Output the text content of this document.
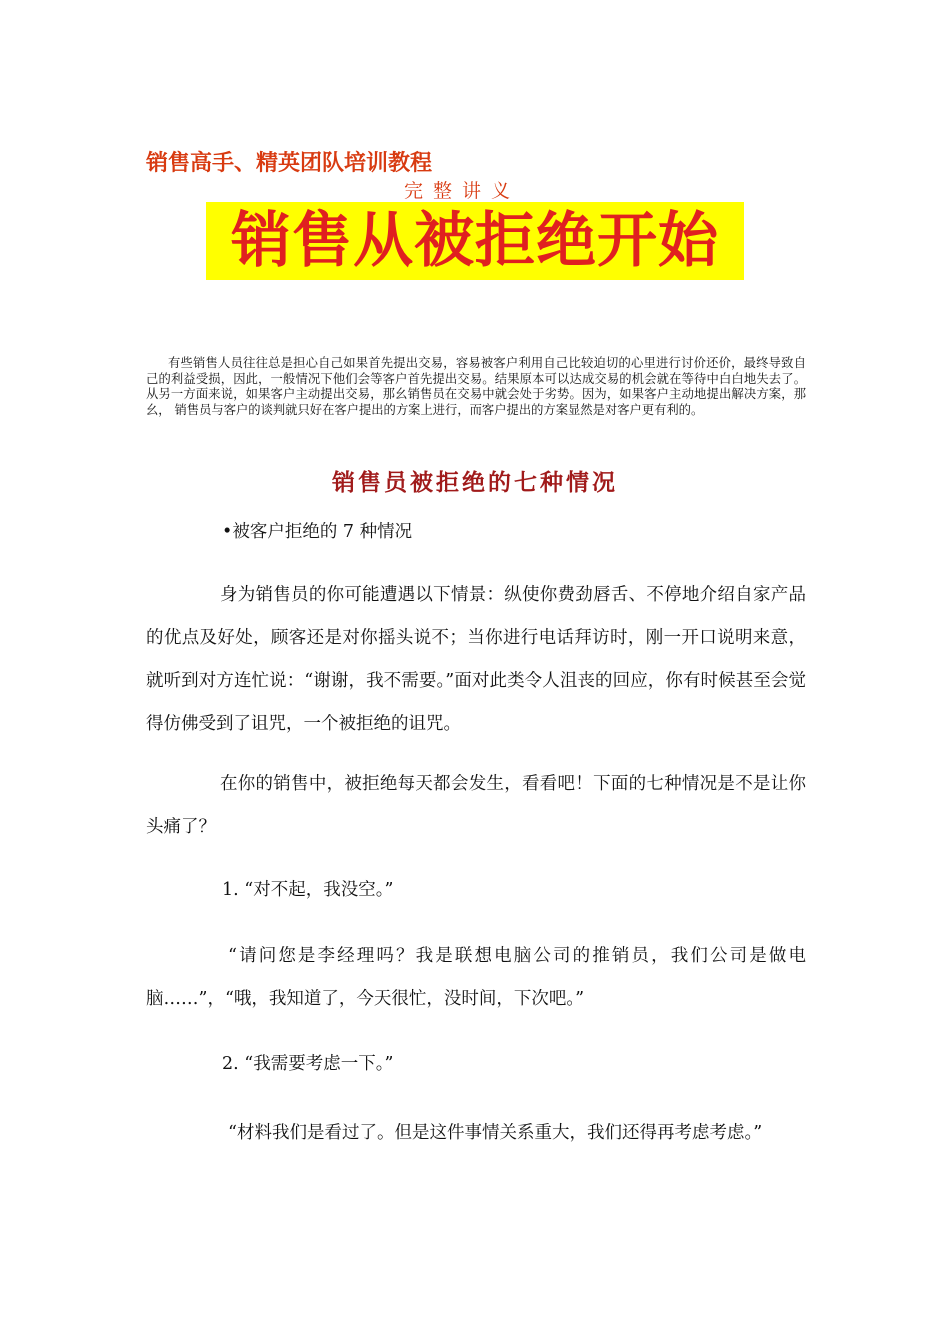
销售高手、精英团队培训教程
完整讲义
销售从被拒绝开始

有些销售人员往往总是担心自己如果首先提出交易，容易被客户利用自己比较迫切的心里进行讨价还价，最终导致自己的利益受损，因此，一般情况下他们会等客户首先提出交易。结果原本可以达成交易的机会就在等待中白白地失去了。从另一方面来说，如果客户主动提出交易，那幺销售员在交易中就会处于劣势。因为，如果客户主动地提出解决方案，那幺， 销售员与客户的谈判就只好在客户提出的方案上进行，而客户提出的方案显然是对客户更有利的。

销售员被拒绝的七种情况
•被客户拒绝的 7 种情况

身为销售员的你可能遭遇以下情景：纵使你费劲唇舌、不停地介绍自家产品的优点及好处，顾客还是对你摇头说不；当你进行电话拜访时，刚一开口说明来意，就听到对方连忙说：“谢谢，我不需要。”面对此类令人沮丧的回应，你有时候甚至会觉得仿佛受到了诅咒，一个被拒绝的诅咒。

在你的销售中，被拒绝每天都会发生，看看吧！下面的七种情况是不是让你头痛了？

1. “对不起，我没空。”

“请问您是李经理吗？我是联想电脑公司的推销员，我们公司是做电脑……”，“哦，我知道了，今天很忙，没时间，下次吧。”

2. “我需要考虑一下。”

“材料我们是看过了。但是这件事情关系重大，我们还得再考虑考虑。”
